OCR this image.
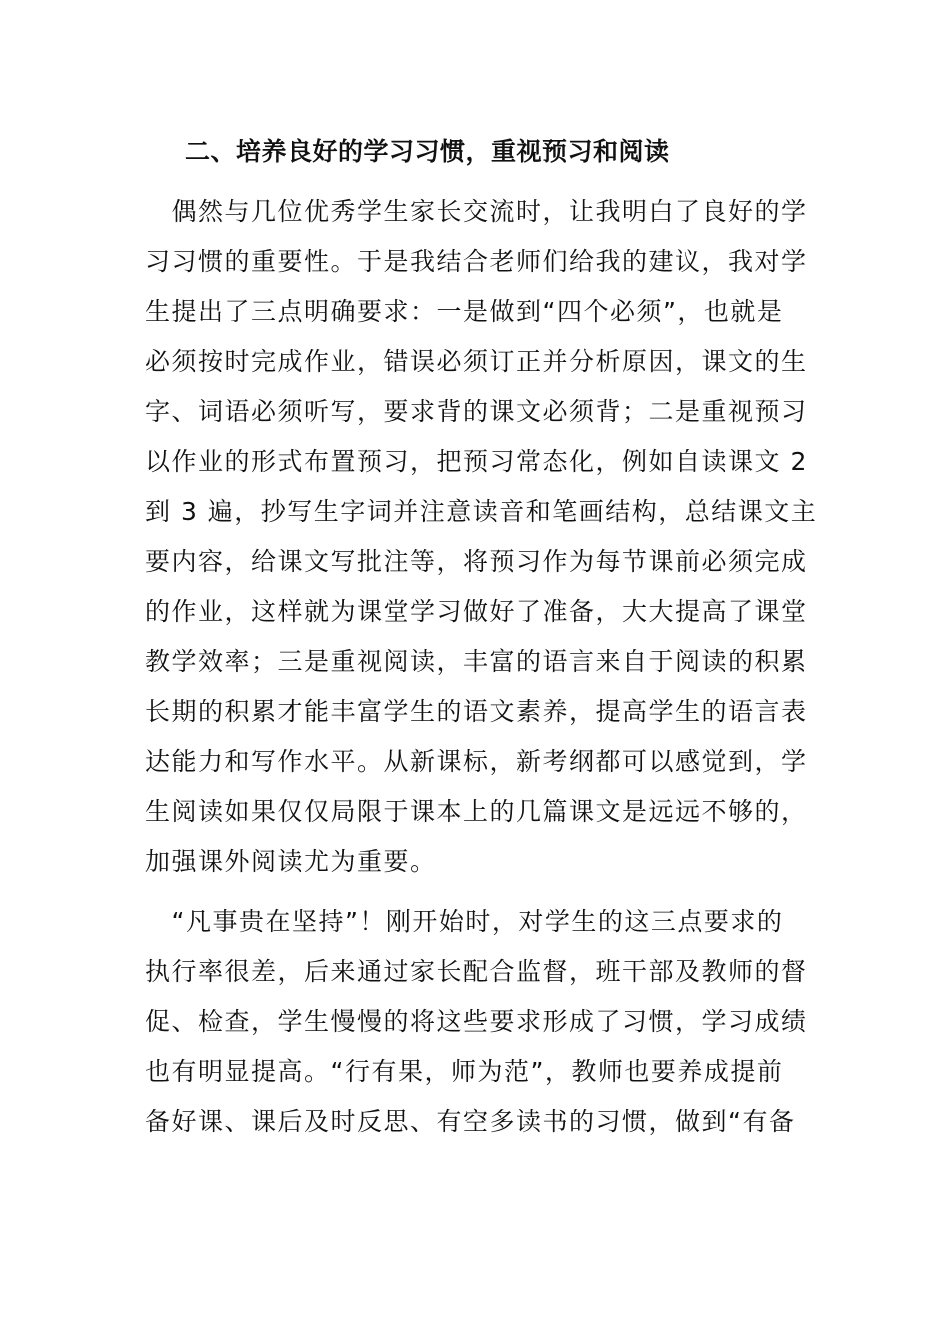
二、培养良好的学习习惯，重视预习和阅读
　偶然与几位优秀学生家长交流时，让我明白了良好的学
习习惯的重要性。于是我结合老师们给我的建议，我对学
生提出了三点明确要求：一是做到“四个必须”，也就是
必须按时完成作业，错误必须订正并分析原因，课文的生
字、词语必须听写，要求背的课文必须背；二是重视预习
以作业的形式布置预习，把预习常态化，例如自读课文 2
到 3 遍，抄写生字词并注意读音和笔画结构，总结课文主
要内容，给课文写批注等，将预习作为每节课前必须完成
的作业，这样就为课堂学习做好了准备，大大提高了课堂
教学效率；三是重视阅读，丰富的语言来自于阅读的积累
长期的积累才能丰富学生的语文素养，提高学生的语言表
达能力和写作水平。从新课标，新考纲都可以感觉到，学
生阅读如果仅仅局限于课本上的几篇课文是远远不够的，
加强课外阅读尤为重要。
　“凡事贵在坚持”！刚开始时，对学生的这三点要求的
执行率很差，后来通过家长配合监督，班干部及教师的督
促、检查，学生慢慢的将这些要求形成了习惯，学习成绩
也有明显提高。“行有果，师为范”，教师也要养成提前
备好课、课后及时反思、有空多读书的习惯，做到“有备
